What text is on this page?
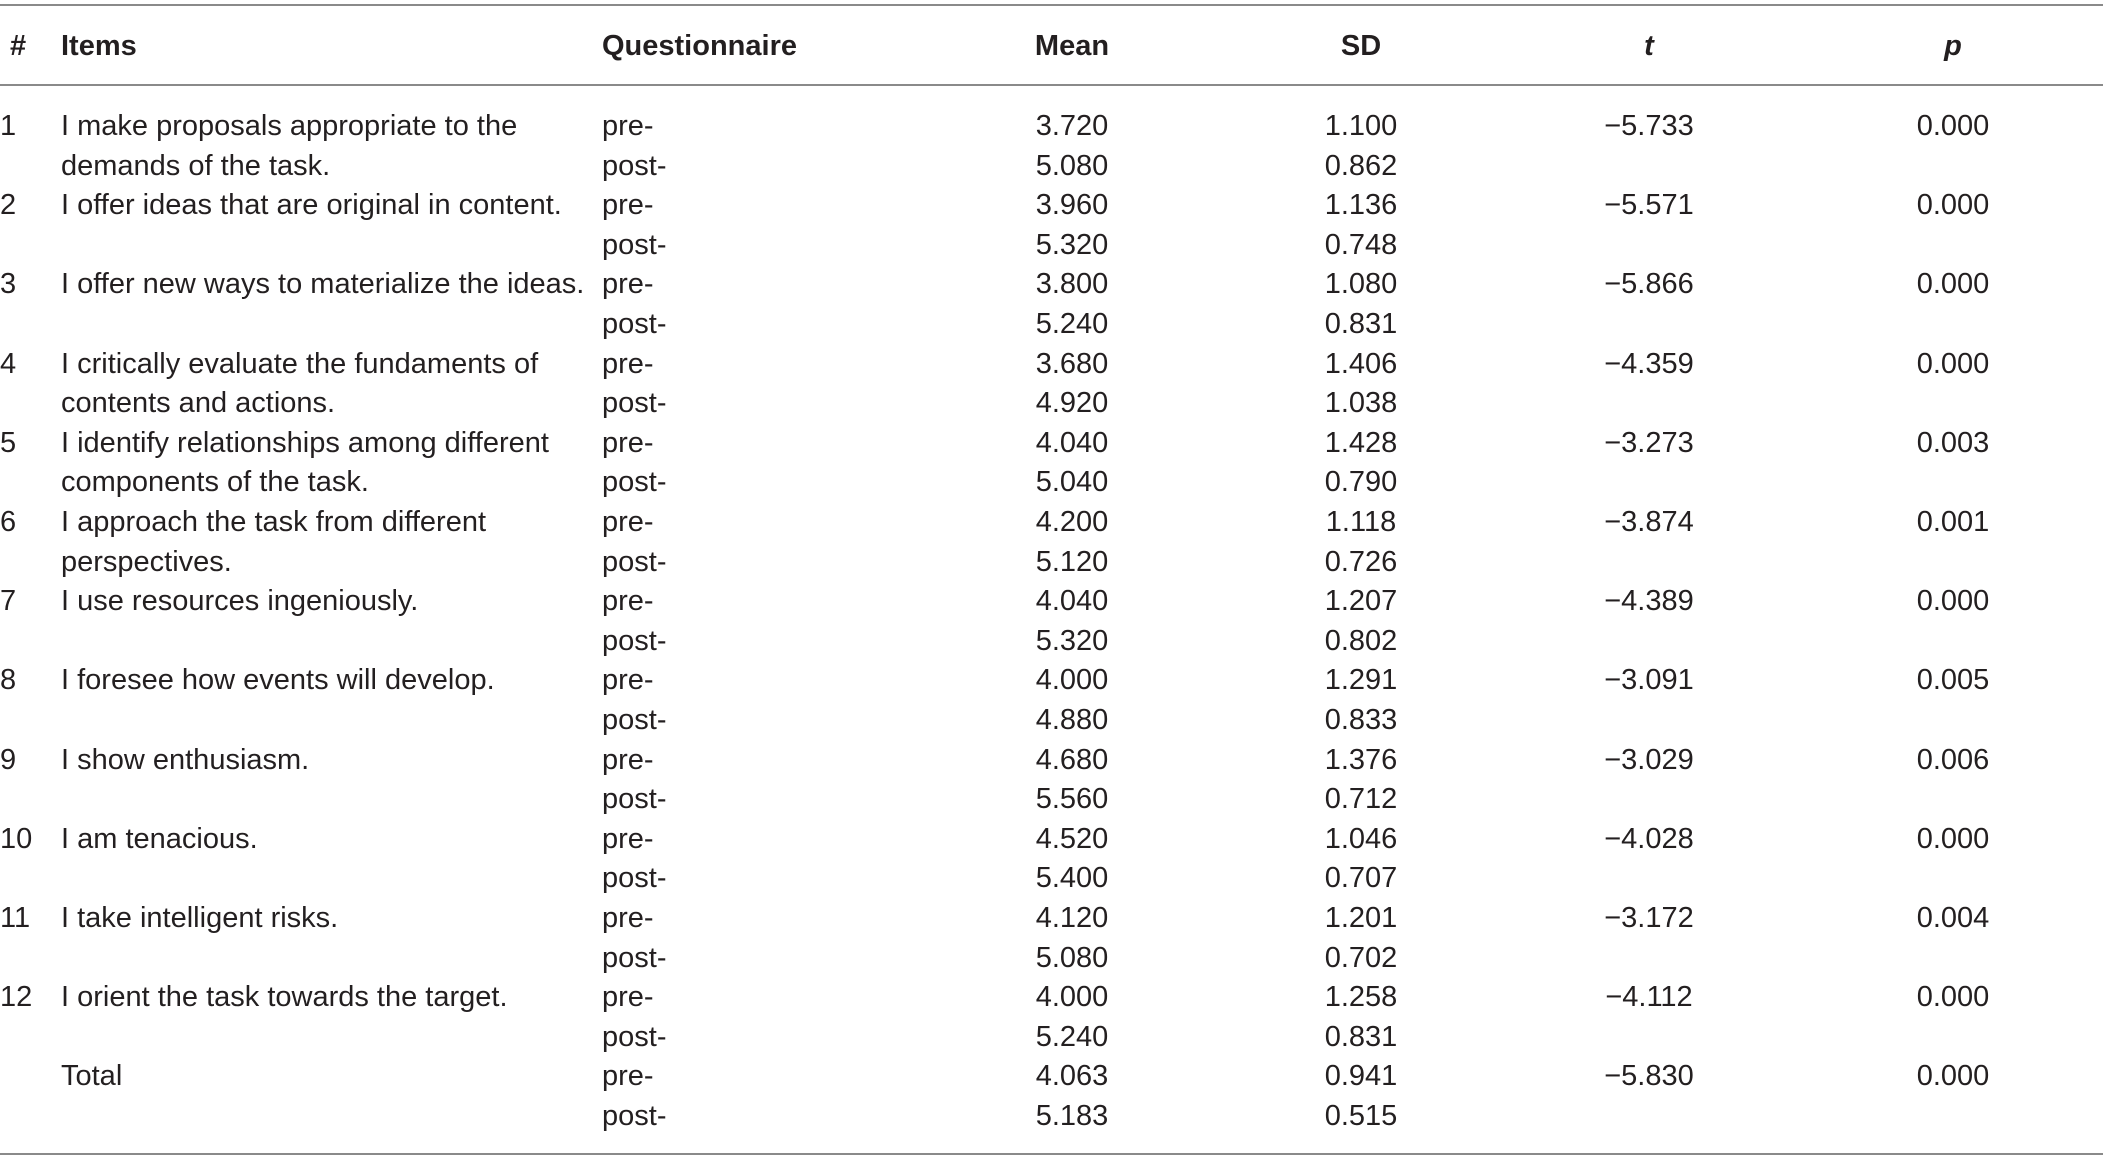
# Items	Questionnaire	Mean	SD	t	p
1 I make proposals appropriate to the	pre-	3.720	1.100	−5.733	0.000
demands of the task.	post-	5.080	0.862
2 I offer ideas that are original in content. pre-	3.960	1.136	−5.571	0.000
post-	5.320	0.748
3 I offer new ways to materialize the ideas. pre-	3.800	1.080	−5.866	0.000
post-	5.240	0.831
4 I critically evaluate the fundaments of pre-	3.680	1.406	−4.359	0.000
contents and actions.	post-	4.920	1.038
5 I identify relationships among different pre-	4.040	1.428	−3.273	0.003
components of the task.	post-	5.040	0.790
6 I approach the task from different	pre-	4.200	1.118	−3.874	0.001
perspectives.	post-	5.120	0.726
7 I use resources ingeniously.	pre-	4.040	1.207	−4.389	0.000
post-	5.320	0.802
8 I foresee how events will develop.	pre-	4.000	1.291	−3.091	0.005
post-	4.880	0.833
9 I show enthusiasm.	pre-	4.680	1.376	−3.029	0.006
post-	5.560	0.712
10 I am tenacious.	pre-	4.520	1.046	−4.028	0.000
post-	5.400	0.707
11 I take intelligent risks.	pre-	4.120	1.201	−3.172	0.004
post-	5.080	0.702
12 I orient the task towards the target.	pre-	4.000	1.258	−4.112	0.000
post-	5.240	0.831
Total	pre-	4.063	0.941	−5.830	0.000
post-	5.183	0.515
